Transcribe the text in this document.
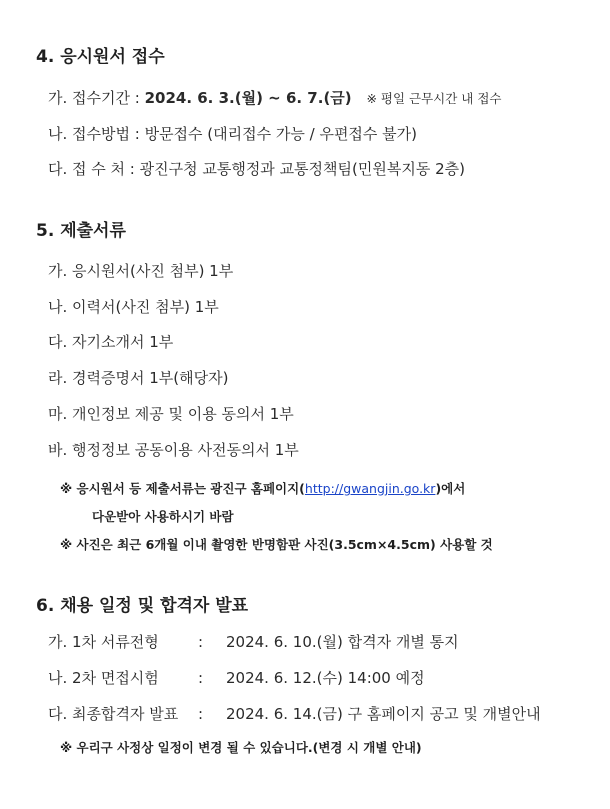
4. 응시원서 접수
가. 접수기간 : 2024. 6. 3.(월) ~ 6. 7.(금) ※ 평일 근무시간 내 접수
나. 접수방법 : 방문접수 (대리접수 가능 / 우편접수 불가)
다. 접 수 처 : 광진구청 교통행정과 교통정책팀(민원복지동 2층)
5. 제출서류
가. 응시원서(사진 첨부) 1부
나. 이력서(사진 첨부) 1부
다. 자기소개서 1부
라. 경력증명서 1부(해당자)
마. 개인정보 제공 및 이용 동의서 1부
바. 행정정보 공동이용 사전동의서 1부
※ 응시원서 등 제출서류는 광진구 홈페이지(http://gwangjin.go.kr)에서
다운받아 사용하시기 바람
※ 사진은 최근 6개월 이내 촬영한 반명함판 사진(3.5cm×4.5cm) 사용할 것
6. 채용 일정 및 합격자 발표
가. 1차 서류전형	: 2024. 6. 10.(월) 합격자 개별 통지
나. 2차 면접시험	: 2024. 6. 12.(수) 14:00 예정
다. 최종합격자 발표 : 2024. 6. 14.(금) 구 홈페이지 공고 및 개별안내
※ 우리구 사정상 일정이 변경 될 수 있습니다.(변경 시 개별 안내)
